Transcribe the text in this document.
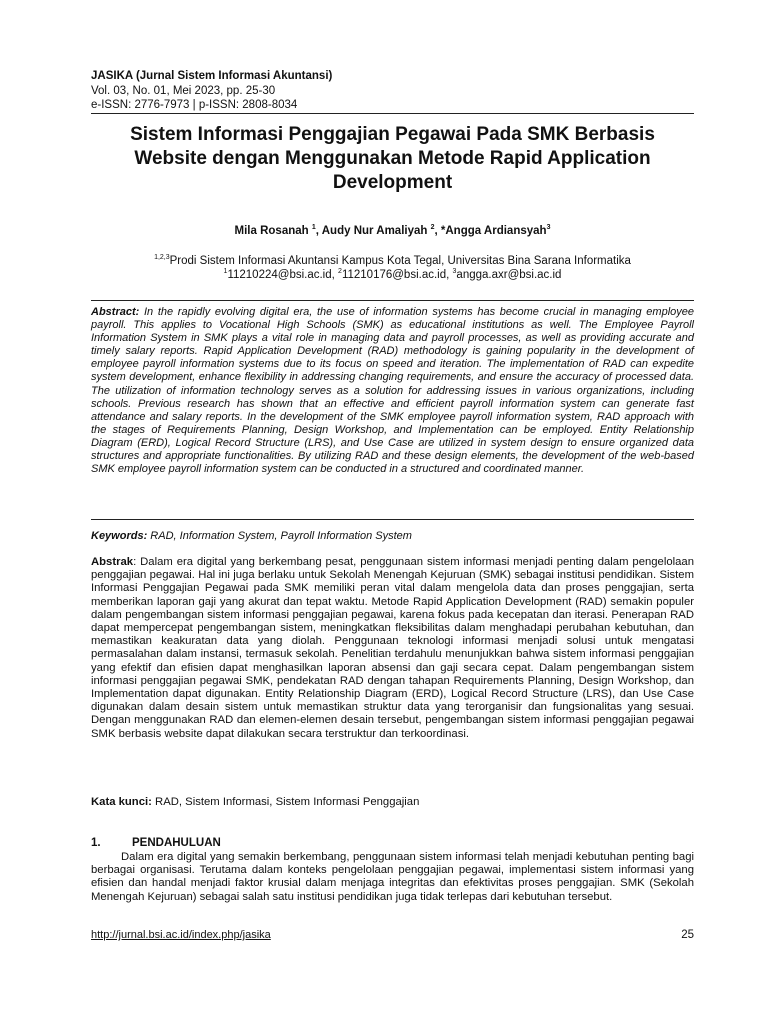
JASIKA (Jurnal Sistem Informasi Akuntansi)
Vol. 03, No. 01, Mei 2023, pp. 25-30
e-ISSN: 2776-7973 | p-ISSN: 2808-8034
Sistem Informasi Penggajian Pegawai Pada SMK Berbasis
Website dengan Menggunakan Metode Rapid Application
Development
Mila Rosanah $^1$, Audy Nur Amaliyah $^2$, *Angga Ardiansyah$^3$
$^{1,2,3}$Prodi Sistem Informasi Akuntansi Kampus Kota Tegal, Universitas Bina Sarana Informatika
$^1$11210224@bsi.ac.id, $^2$11210176@bsi.ac.id, $^3$angga.axr@bsi.ac.id
Abstract: In the rapidly evolving digital era, the use of information systems has become crucial in managing employee payroll. This applies to Vocational High Schools (SMK) as educational institutions as well. The Employee Payroll Information System in SMK plays a vital role in managing data and payroll processes, as well as providing accurate and timely salary reports. Rapid Application Development (RAD) methodology is gaining popularity in the development of employee payroll information systems due to its focus on speed and iteration. The implementation of RAD can expedite system development, enhance flexibility in addressing changing requirements, and ensure the accuracy of processed data. The utilization of information technology serves as a solution for addressing issues in various organizations, including schools. Previous research has shown that an effective and efficient payroll information system can generate fast attendance and salary reports. In the development of the SMK employee payroll information system, RAD approach with the stages of Requirements Planning, Design Workshop, and Implementation can be employed. Entity Relationship Diagram (ERD), Logical Record Structure (LRS), and Use Case are utilized in system design to ensure organized data structures and appropriate functionalities. By utilizing RAD and these design elements, the development of the web-based SMK employee payroll information system can be conducted in a structured and coordinated manner.
Keywords: RAD, Information System, Payroll Information System
Abstrak: Dalam era digital yang berkembang pesat, penggunaan sistem informasi menjadi penting dalam pengelolaan penggajian pegawai. Hal ini juga berlaku untuk Sekolah Menengah Kejuruan (SMK) sebagai institusi pendidikan. Sistem Informasi Penggajian Pegawai pada SMK memiliki peran vital dalam mengelola data dan proses penggajian, serta memberikan laporan gaji yang akurat dan tepat waktu. Metode Rapid Application Development (RAD) semakin populer dalam pengembangan sistem informasi penggajian pegawai, karena fokus pada kecepatan dan iterasi. Penerapan RAD dapat mempercepat pengembangan sistem, meningkatkan fleksibilitas dalam menghadapi perubahan kebutuhan, dan memastikan keakuratan data yang diolah. Penggunaan teknologi informasi menjadi solusi untuk mengatasi permasalahan dalam instansi, termasuk sekolah. Penelitian terdahulu menunjukkan bahwa sistem informasi penggajian yang efektif dan efisien dapat menghasilkan laporan absensi dan gaji secara cepat. Dalam pengembangan sistem informasi penggajian pegawai SMK, pendekatan RAD dengan tahapan Requirements Planning, Design Workshop, dan Implementation dapat digunakan. Entity Relationship Diagram (ERD), Logical Record Structure (LRS), dan Use Case digunakan dalam desain sistem untuk memastikan struktur data yang terorganisir dan fungsionalitas yang sesuai. Dengan menggunakan RAD dan elemen-elemen desain tersebut, pengembangan sistem informasi penggajian pegawai SMK berbasis website dapat dilakukan secara terstruktur dan terkoordinasi.
Kata kunci: RAD, Sistem Informasi, Sistem Informasi Penggajian
1.	PENDAHULUAN
Dalam era digital yang semakin berkembang, penggunaan sistem informasi telah menjadi kebutuhan penting bagi berbagai organisasi. Terutama dalam konteks pengelolaan penggajian pegawai, implementasi sistem informasi yang efisien dan handal menjadi faktor krusial dalam menjaga integritas dan efektivitas proses penggajian. SMK (Sekolah Menengah Kejuruan) sebagai salah satu institusi pendidikan juga tidak terlepas dari kebutuhan tersebut.
http://jurnal.bsi.ac.id/index.php/jasika	25
